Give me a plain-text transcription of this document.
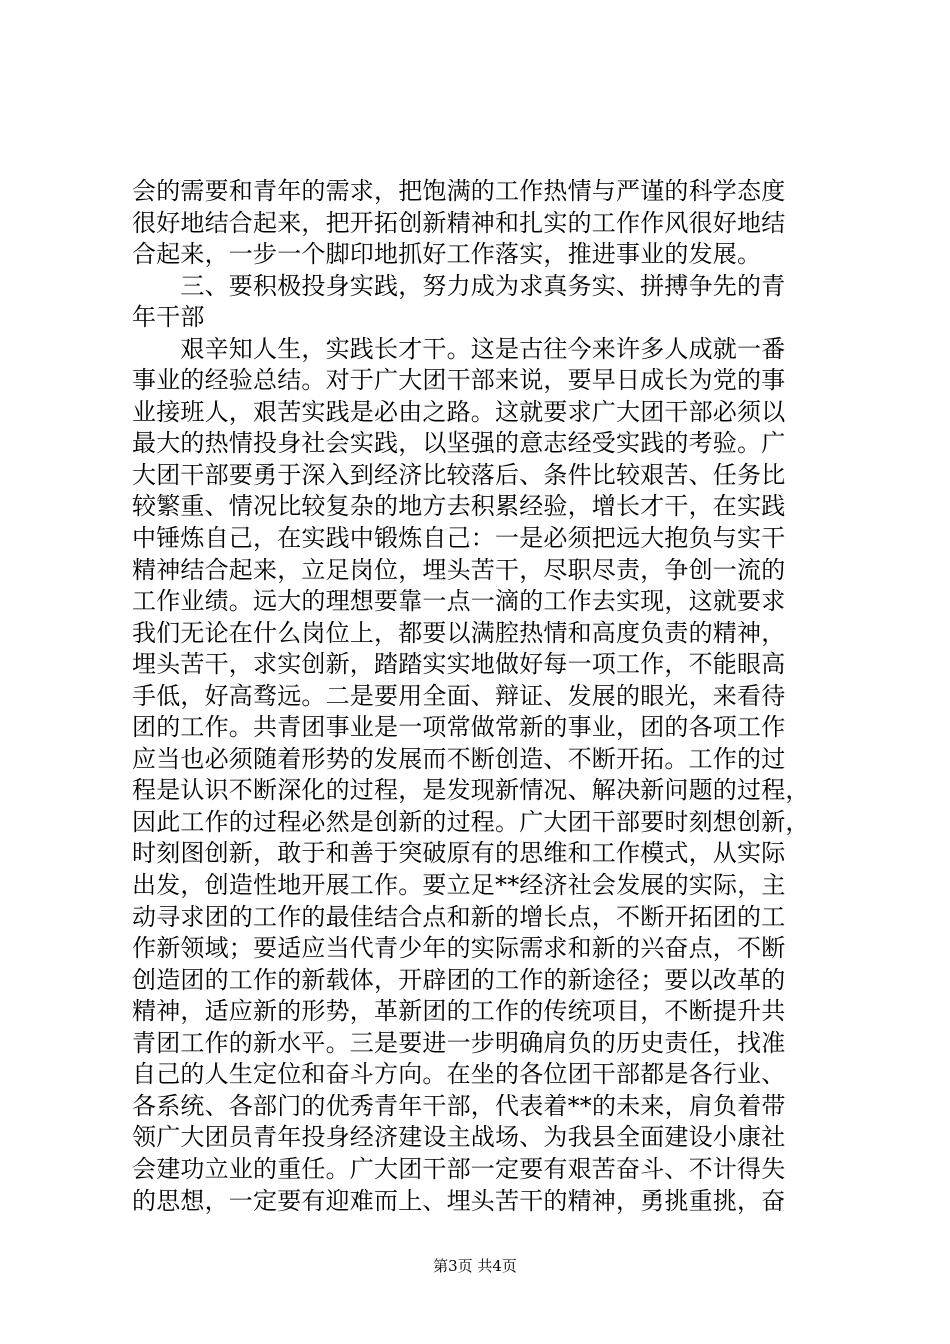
会的需要和青年的需求，把饱满的工作热情与严谨的科学态度
很好地结合起来，把开拓创新精神和扎实的工作作风很好地结
合起来，一步一个脚印地抓好工作落实，推进事业的发展。
　　三、要积极投身实践，努力成为求真务实、拼搏争先的青
年干部
　　艰辛知人生，实践长才干。这是古往今来许多人成就一番
事业的经验总结。对于广大团干部来说，要早日成长为党的事
业接班人，艰苦实践是必由之路。这就要求广大团干部必须以
最大的热情投身社会实践，以坚强的意志经受实践的考验。广
大团干部要勇于深入到经济比较落后、条件比较艰苦、任务比
较繁重、情况比较复杂的地方去积累经验，增长才干，在实践
中锤炼自己，在实践中锻炼自己：一是必须把远大抱负与实干
精神结合起来，立足岗位，埋头苦干，尽职尽责，争创一流的
工作业绩。远大的理想要靠一点一滴的工作去实现，这就要求
我们无论在什么岗位上，都要以满腔热情和高度负责的精神，
埋头苦干，求实创新，踏踏实实地做好每一项工作，不能眼高
手低，好高骛远。二是要用全面、辩证、发展的眼光，来看待
团的工作。共青团事业是一项常做常新的事业，团的各项工作
应当也必须随着形势的发展而不断创造、不断开拓。工作的过
程是认识不断深化的过程，是发现新情况、解决新问题的过程，
因此工作的过程必然是创新的过程。广大团干部要时刻想创新，
时刻图创新，敢于和善于突破原有的思维和工作模式，从实际
出发，创造性地开展工作。要立足**经济社会发展的实际，主
动寻求团的工作的最佳结合点和新的增长点，不断开拓团的工
作新领域；要适应当代青少年的实际需求和新的兴奋点，不断
创造团的工作的新载体，开辟团的工作的新途径；要以改革的
精神，适应新的形势，革新团的工作的传统项目，不断提升共
青团工作的新水平。三是要进一步明确肩负的历史责任，找准
自己的人生定位和奋斗方向。在坐的各位团干部都是各行业、
各系统、各部门的优秀青年干部，代表着**的未来，肩负着带
领广大团员青年投身经济建设主战场、为我县全面建设小康社
会建功立业的重任。广大团干部一定要有艰苦奋斗、不计得失
的思想，一定要有迎难而上、埋头苦干的精神，勇挑重挑，奋
第3页 共4页
